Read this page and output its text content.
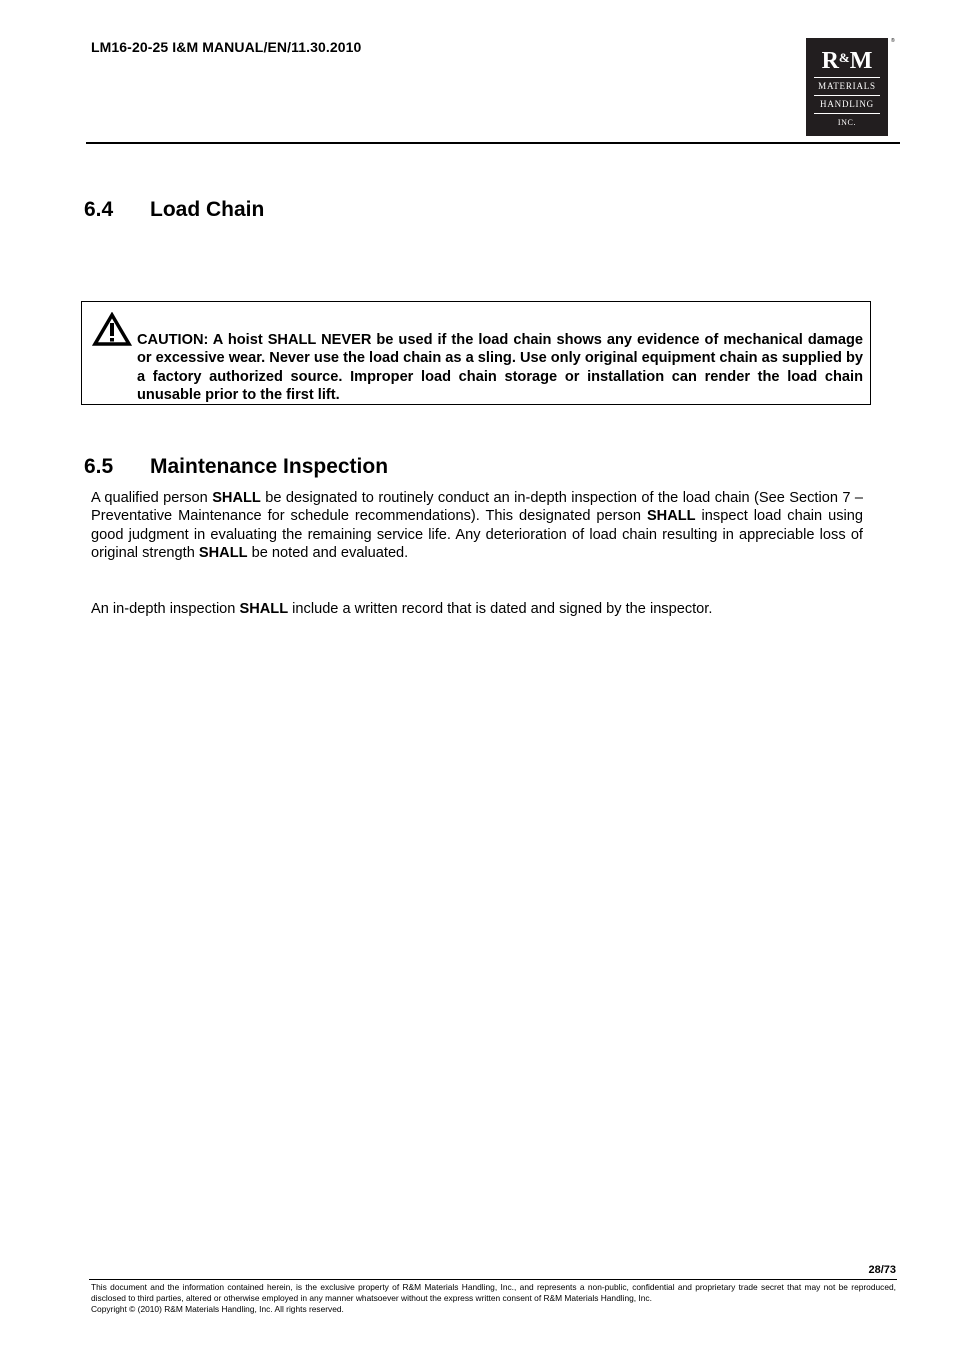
LM16-20-25 I&M MANUAL/EN/11.30.2010
R&M
MATERIALS
HANDLING
INC.
®
6.4 Load Chain

CAUTION: A hoist SHALL NEVER be used if the load chain shows any evidence of mechanical damage or excessive wear. Never use the load chain as a sling. Use only original equipment chain as supplied by a factory authorized source. Improper load chain storage or installation can render the load chain unusable prior to the first lift.

6.5 Maintenance Inspection

A qualified person SHALL be designated to routinely conduct an in-depth inspection of the load chain (See Section 7 – Preventative Maintenance for schedule recommendations). This designated person SHALL inspect load chain using good judgment in evaluating the remaining service life. Any deterioration of load chain resulting in appreciable loss of original strength SHALL be noted and evaluated.

An in-depth inspection SHALL include a written record that is dated and signed by the inspector.

28/73

This document and the information contained herein, is the exclusive property of R&M Materials Handling, Inc., and represents a non-public, confidential and proprietary trade secret that may not be reproduced, disclosed to third parties, altered or otherwise employed in any manner whatsoever without the express written consent of R&M Materials Handling, Inc.
Copyright © (2010) R&M Materials Handling, Inc. All rights reserved.
